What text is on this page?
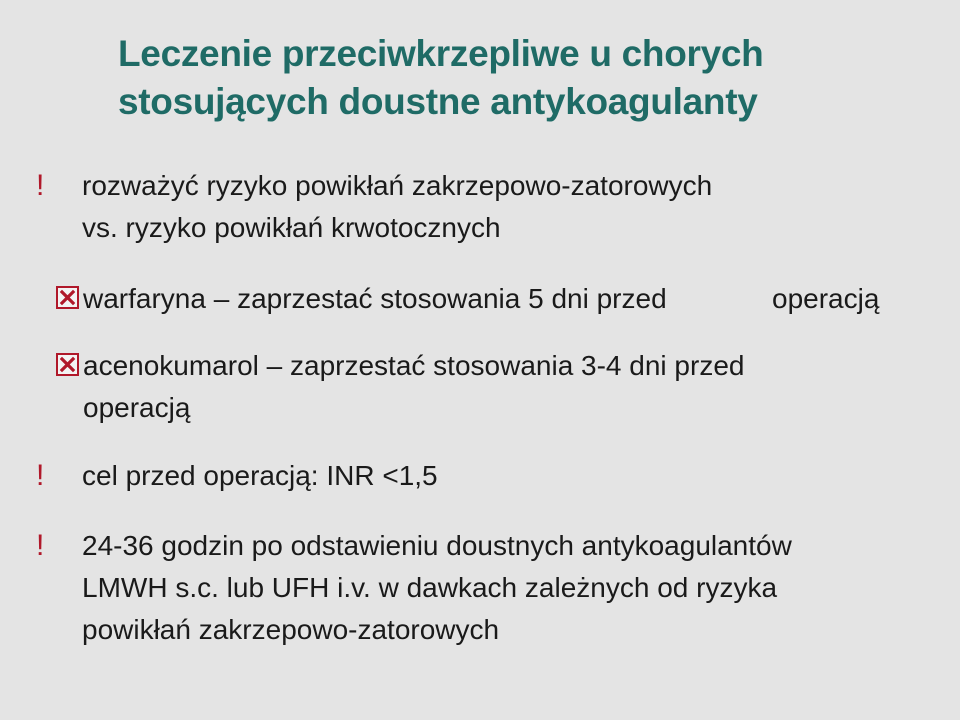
Leczenie przeciwkrzepliwe u chorych
stosujących doustne antykoagulanty
! rozważyć ryzyko powikłań zakrzepowo-zatorowych
vs. ryzyko powikłań krwotocznych
warfaryna – zaprzestać stosowania 5 dni przed	operacją
acenokumarol – zaprzestać stosowania 3-4 dni przed
operacją
! cel przed operacją: INR <1,5
! 24-36 godzin po odstawieniu doustnych antykoagulantów
LMWH s.c. lub UFH i.v. w dawkach zależnych od ryzyka
powikłań zakrzepowo-zatorowych
